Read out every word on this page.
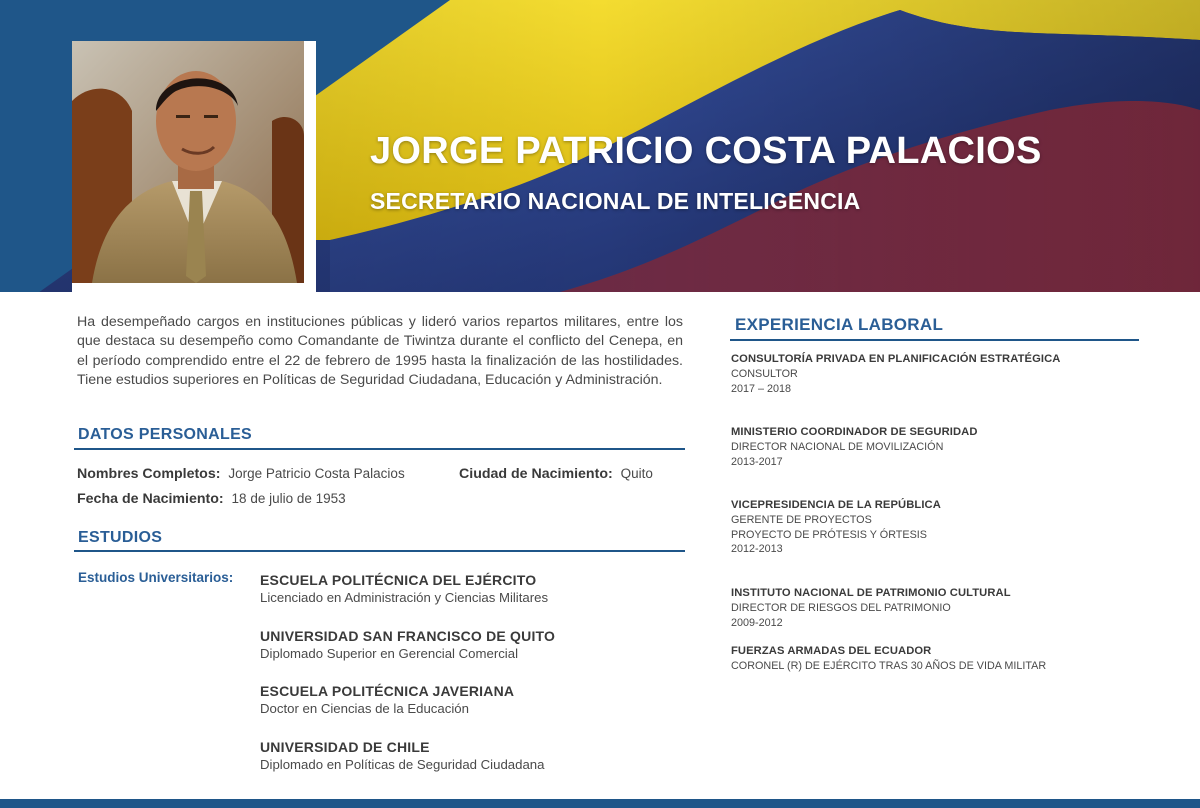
JORGE PATRICIO COSTA PALACIOS
SECRETARIO NACIONAL DE INTELIGENCIA

Ha desempeñado cargos en instituciones públicas y lideró varios repartos militares, entre los que destaca su desempeño como Comandante de Tiwintza durante el conflicto del Cenepa, en el período comprendido entre el 22 de febrero de 1995 hasta la finalización de las hostilidades. Tiene estudios superiores en Políticas de Seguridad Ciudadana, Educación y Administración.

DATOS PERSONALES
Nombres Completos: Jorge Patricio Costa Palacios	Ciudad de Nacimiento: Quito
Fecha de Nacimiento: 18 de julio de 1953
ESTUDIOS
Estudios Universitarios: ESCUELA POLITÉCNICA DEL EJÉRCITO
Licenciado en Administración y Ciencias Militares
UNIVERSIDAD SAN FRANCISCO DE QUITO
Diplomado Superior en Gerencial Comercial
ESCUELA POLITÉCNICA JAVERIANA
Doctor en Ciencias de la Educación
UNIVERSIDAD DE CHILE
Diplomado en Políticas de Seguridad Ciudadana
EXPERIENCIA LABORAL
CONSULTORÍA PRIVADA EN PLANIFICACIÓN ESTRATÉGICA
CONSULTOR
2017 – 2018
MINISTERIO COORDINADOR DE SEGURIDAD
DIRECTOR NACIONAL DE MOVILIZACIÓN
2013-2017
VICEPRESIDENCIA DE LA REPÚBLICA
GERENTE DE PROYECTOS
PROYECTO DE PRÓTESIS Y ÓRTESIS
2012-2013
INSTITUTO NACIONAL DE PATRIMONIO CULTURAL
DIRECTOR DE RIESGOS DEL PATRIMONIO
2009-2012
FUERZAS ARMADAS DEL ECUADOR
CORONEL (R) DE EJÉRCITO TRAS 30 AÑOS DE VIDA MILITAR
